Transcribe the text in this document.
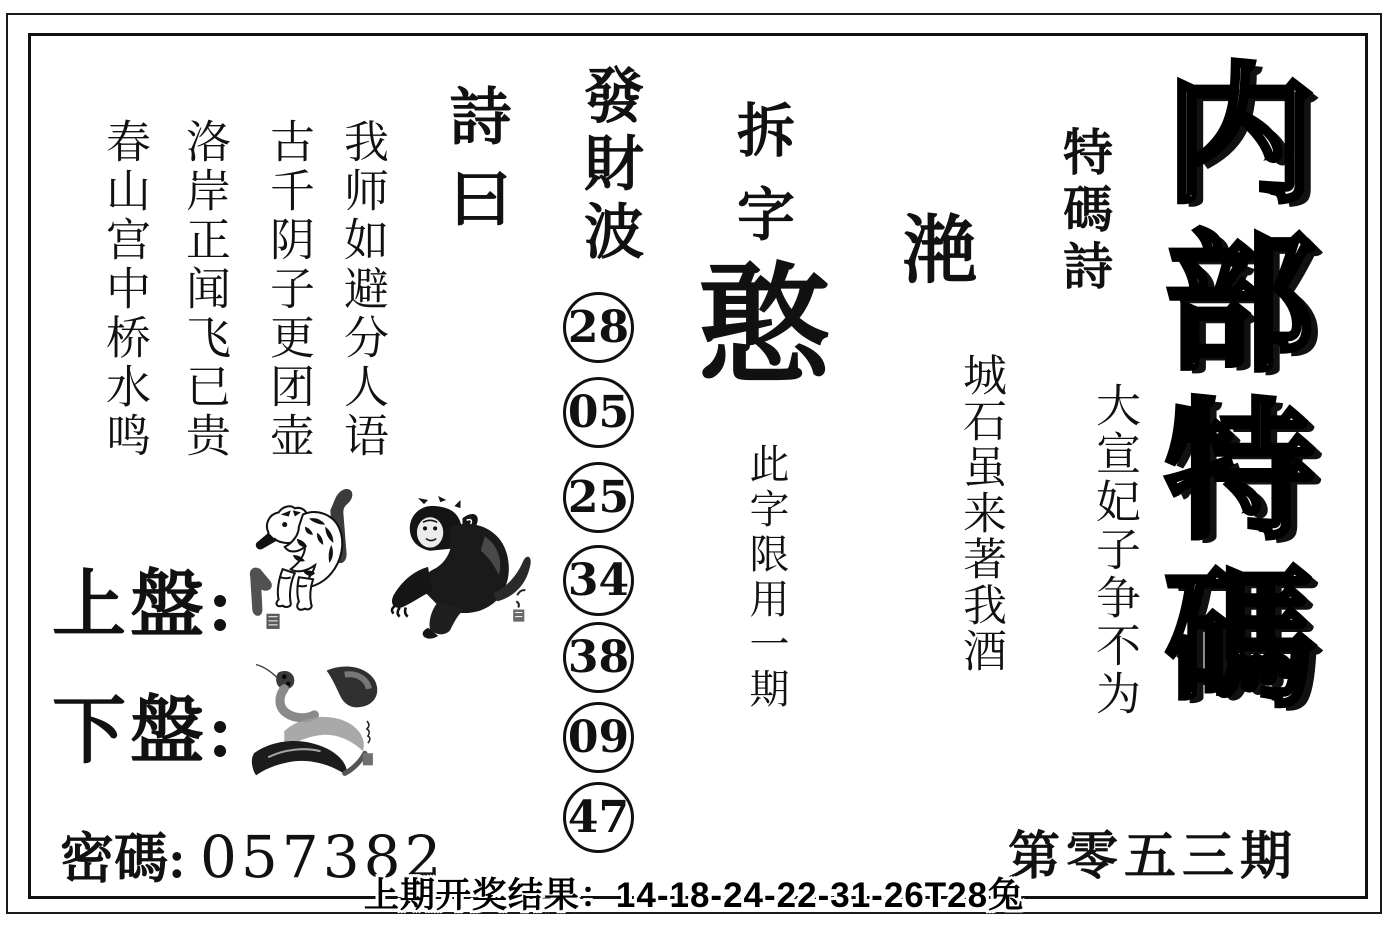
内部特碼
特碼詩
大宣妃子争不为
城石虽来著我酒
滟
拆字
憨
此字限用一期
發財波
28
05
25
34
38
09
47
詩曰
我师如避分人语
古千阴子更团壶
洛岸正闻飞已贵
春山宫中桥水鸣
上盤:
下盤:
密碼: 057382	第零五三期
上期开奖结果：14-18-24-22-31-26T28兔
